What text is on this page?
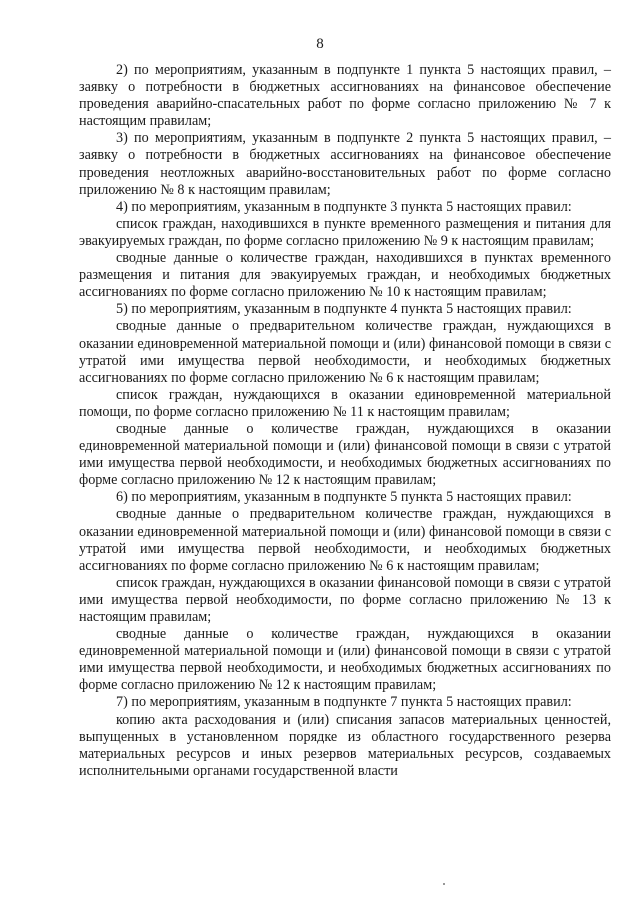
8

2) по мероприятиям, указанным в подпункте 1 пункта 5 настоящих правил, – заявку о потребности в бюджетных ассигнованиях на финансовое обеспечение проведения аварийно-спасательных работ по форме согласно приложению № 7 к настоящим правилам;

3) по мероприятиям, указанным в подпункте 2 пункта 5 настоящих правил, – заявку о потребности в бюджетных ассигнованиях на финансовое обеспечение проведения неотложных аварийно-восстановительных работ по форме согласно приложению № 8 к настоящим правилам;

4) по мероприятиям, указанным в подпункте 3 пункта 5 настоящих правил:

список граждан, находившихся в пункте временного размещения и питания для эвакуируемых граждан, по форме согласно приложению № 9 к настоящим правилам;

сводные данные о количестве граждан, находившихся в пунктах временного размещения и питания для эвакуируемых граждан, и необходимых бюджетных ассигнованиях по форме согласно приложению № 10 к настоящим правилам;

5) по мероприятиям, указанным в подпункте 4 пункта 5 настоящих правил:

сводные данные о предварительном количестве граждан, нуждающихся в оказании единовременной материальной помощи и (или) финансовой помощи в связи с утратой ими имущества первой необходимости, и необходимых бюджетных ассигнованиях по форме согласно приложению № 6 к настоящим правилам;

список граждан, нуждающихся в оказании единовременной материальной помощи, по форме согласно приложению № 11 к настоящим правилам;

сводные данные о количестве граждан, нуждающихся в оказании единовременной материальной помощи и (или) финансовой помощи в связи с утратой ими имущества первой необходимости, и необходимых бюджетных ассигнованиях по форме согласно приложению № 12 к настоящим правилам;

6) по мероприятиям, указанным в подпункте 5 пункта 5 настоящих правил:

сводные данные о предварительном количестве граждан, нуждающихся в оказании единовременной материальной помощи и (или) финансовой помощи в связи с утратой ими имущества первой необходимости, и необходимых бюджетных ассигнованиях по форме согласно приложению № 6 к настоящим правилам;

список граждан, нуждающихся в оказании финансовой помощи в связи с утратой ими имущества первой необходимости, по форме согласно приложению № 13 к настоящим правилам;

сводные данные о количестве граждан, нуждающихся в оказании единовременной материальной помощи и (или) финансовой помощи в связи с утратой ими имущества первой необходимости, и необходимых бюджетных ассигнованиях по форме согласно приложению № 12 к настоящим правилам;

7) по мероприятиям, указанным в подпункте 7 пункта 5 настоящих правил:

копию акта расходования и (или) списания запасов материальных ценностей, выпущенных в установленном порядке из областного государственного резерва материальных ресурсов и иных резервов материальных ресурсов, создаваемых исполнительными органами государственной власти
